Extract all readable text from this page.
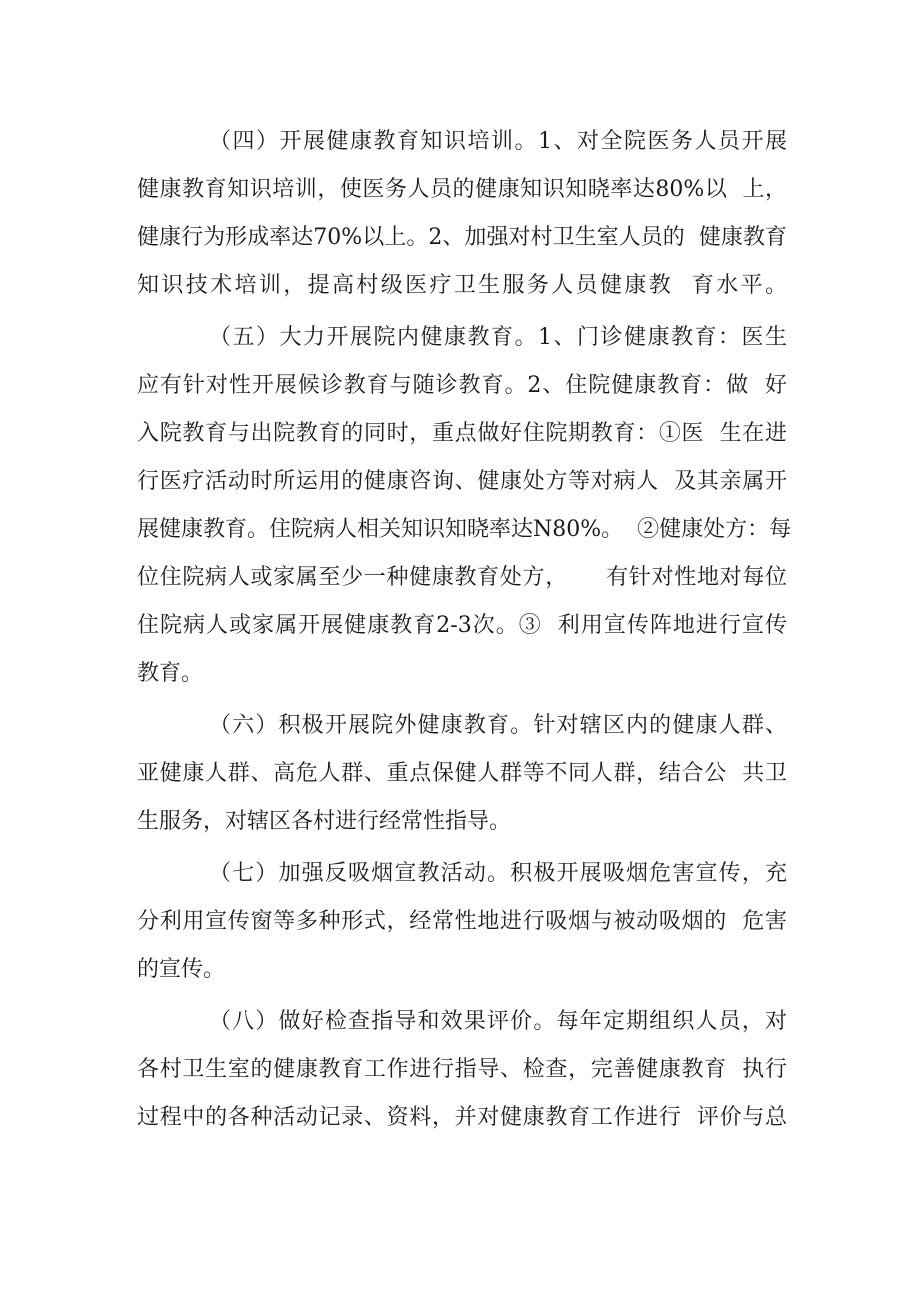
（四）开展健康教育知识培训。1、对全院医务人员开展
健康教育知识培训，使医务人员的健康知识知晓率达80%以  上，
健康行为形成率达70%以上。2、加强对村卫生室人员的  健康教育
知识技术培训，提高村级医疗卫生服务人员健康教  育水平。
（五）大力开展院内健康教育。1、门诊健康教育：医生
应有针对性开展候诊教育与随诊教育。2、住院健康教育：做  好
入院教育与出院教育的同时，重点做好住院期教育：①医  生在进
行医疗活动时所运用的健康咨询、健康处方等对病人  及其亲属开
展健康教育。住院病人相关知识知晓率达N80%。  ②健康处方：每
位住院病人或家属至少一种健康教育处方，     有针对性地对每位
住院病人或家属开展健康教育2-3次。③  利用宣传阵地进行宣传
教育。
（六）积极开展院外健康教育。针对辖区内的健康人群、
亚健康人群、高危人群、重点保健人群等不同人群，结合公  共卫
生服务，对辖区各村进行经常性指导。
（七）加强反吸烟宣教活动。积极开展吸烟危害宣传，充
分利用宣传窗等多种形式，经常性地进行吸烟与被动吸烟的  危害
的宣传。
（八）做好检查指导和效果评价。每年定期组织人员，对
各村卫生室的健康教育工作进行指导、检查，完善健康教育  执行
过程中的各种活动记录、资料，并对健康教育工作进行  评价与总
